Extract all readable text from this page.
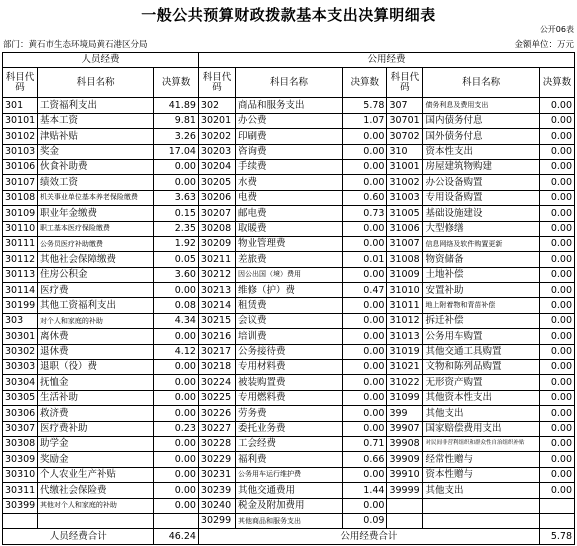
一般公共预算财政拨款基本支出决算明细表
公开06表
部门：黄石市生态环境局黄石港区分局	金额单位：万元
人员经费			公用经费					
科目代码	科目名称	决算数	科目代码	科目名称	决算数	科目代码	科目名称	决算数
301	工资福利支出	41.89	302	商品和服务支出	5.78	307	债务利息及费用支出	0.00
30101	基本工资	9.81	30201	办公费	1.07	30701	国内债务付息	0.00
30102	津贴补贴	3.26	30202	印刷费	0.00	30702	国外债务付息	0.00
30103	奖金	17.04	30203	咨询费	0.00	310	资本性支出	0.00
30106	伙食补助费	0.00	30204	手续费	0.00	31001	房屋建筑物购建	0.00
30107	绩效工资	0.00	30205	水费	0.00	31002	办公设备购置	0.00
30108	机关事业单位基本养老保险缴费	3.63	30206	电费	0.60	31003	专用设备购置	0.00
30109	职业年金缴费	0.15	30207	邮电费	0.73	31005	基础设施建设	0.00
30110	职工基本医疗保险缴费	2.35	30208	取暖费	0.00	31006	大型修缮	0.00
30111	公务员医疗补助缴费	1.92	30209	物业管理费	0.00	31007	信息网络及软件购置更新	0.00
30112	其他社会保障缴费	0.05	30211	差旅费	0.01	31008	物资储备	0.00
30113	住房公积金	3.60	30212	因公出国（境）费用	0.00	31009	土地补偿	0.00
30114	医疗费	0.00	30213	维修（护）费	0.47	31010	安置补助	0.00
30199	其他工资福利支出	0.08	30214	租赁费	0.00	31011	地上附着物和青苗补偿	0.00
303	对个人和家庭的补助	4.34	30215	会议费	0.00	31012	拆迁补偿	0.00
30301	离休费	0.00	30216	培训费	0.00	31013	公务用车购置	0.00
30302	退休费	4.12	30217	公务接待费	0.00	31019	其他交通工具购置	0.00
30303	退职（役）费	0.00	30218	专用材料费	0.00	31021	文物和陈列品购置	0.00
30304	抚恤金	0.00	30224	被装购置费	0.00	31022	无形资产购置	0.00
30305	生活补助	0.00	30225	专用燃料费	0.00	31099	其他资本性支出	0.00
30306	救济费	0.00	30226	劳务费	0.00	399	其他支出	0.00
30307	医疗费补助	0.23	30227	委托业务费	0.00	39907	国家赔偿费用支出	0.00
30308	助学金	0.00	30228	工会经费	0.71	39908	对民间非营利组织和群众性自治组织补贴	0.00
30309	奖励金	0.00	30229	福利费	0.66	39909	经常性赠与	0.00
30310	个人农业生产补贴	0.00	30231	公务用车运行维护费	0.00	39910	资本性赠与	0.00
30311	代缴社会保险费	0.00	30239	其他交通费用	1.44	39999	其他支出	0.00
30399	其他对个人和家庭的补助	0.00	30240	税金及附加费用	0.00			
			30299	其他商品和服务支出	0.09			
人员经费合计		46.24	公用经费合计					5.78
